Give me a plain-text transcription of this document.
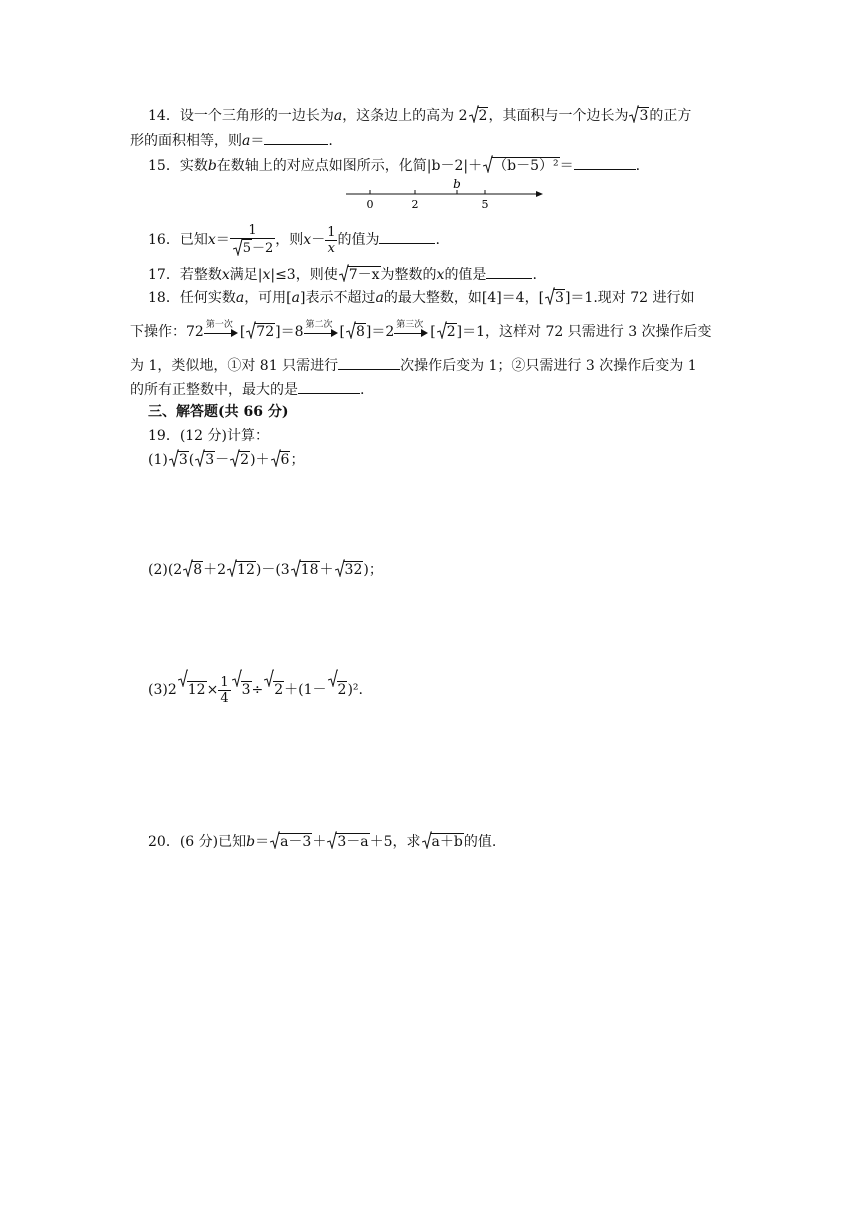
14．设一个三角形的一边长为a，这条边上的高为 2 2，其面积与一个边长为 3的正方
形的面积相等，则a＝	.
15．实数b在数轴上的对应点如图所示，化简|b－2|＋ （b－5）²＝	.
b
0	2	5
16．已知$x= \frac{1}{5-2}$ ，则$x- \frac{1}{x}$ 的值为	.
17．若整数x满足|x|≤3，则使 7－x为整数的x的值是	.
18．任何实数a，可用[a]表示不超过a的最大整数，如[4]＝4，[ 3]＝1.现对 72 进行如
下操作：72 第一次 [ 72]＝8 第二次 [ 8]＝2 第三次 [ 2]＝1，这样对 72 只需进行 3 次操作后变
为 1，类似地，①对 81 只需进行	次操作后变为 1；②只需进行 3 次操作后变为 1
的所有正整数中，最大的是	.
三、解答题(共 66 分)
19．(12 分)计算：
(1) 3( 3－ 2)＋ 6；
(2)(2 8＋2 12)－(3 18＋ 32)；
(3)2 $12\times \frac{1}{4} 3\div 2+(1- 2)^2$.
20．(6 分)已知b＝ a－3＋ 3－a＋5，求 a＋b的值.
